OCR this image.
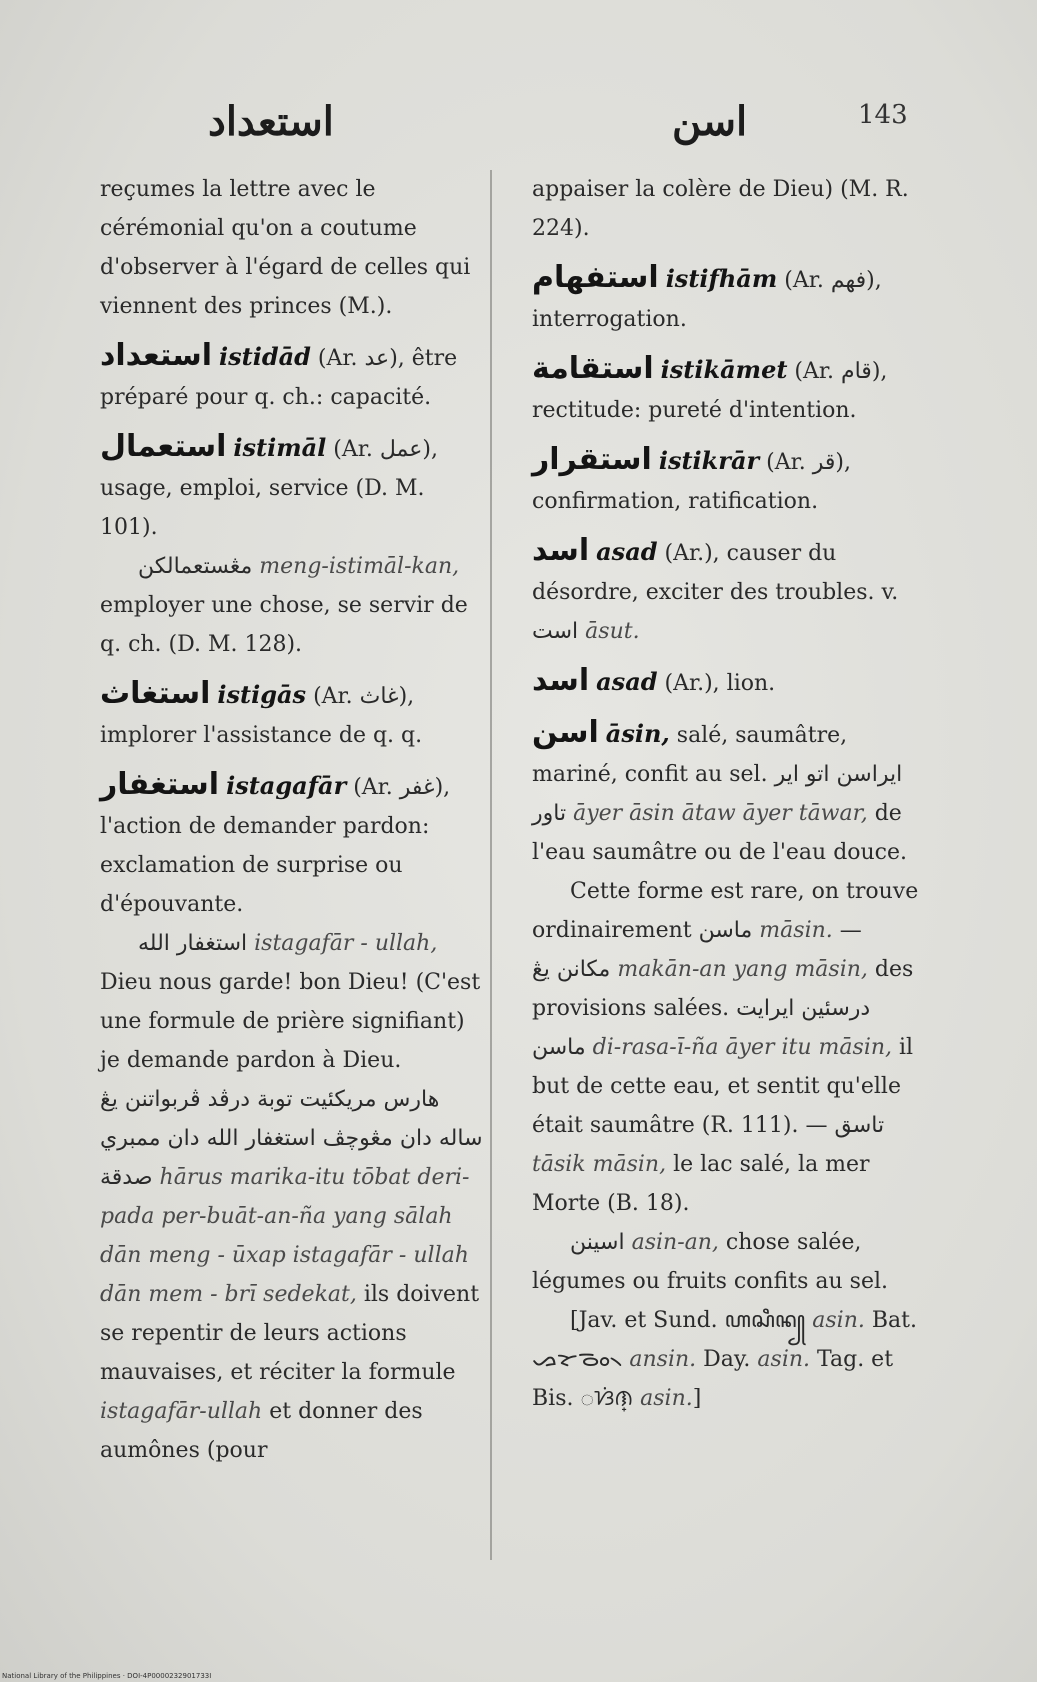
استعداد	اسن	143

reçumes la lettre avec le cérémonial qu'on a coutume d'observer à l'égard de celles qui viennent des princes (M.).

استعداد istidād (Ar. عد), être préparé pour q. ch.: capacité.

استعمال istimāl (Ar. عمل), usage, emploi, service (D. M. 101).

مڠستعمالكن meng-istimāl-kan, employer une chose, se servir de q. ch. (D. M. 128).

استغاث istigās (Ar. غاث), implorer l'assistance de q. q.

استغفار istagafār (Ar. غفر), l'action de demander pardon: exclamation de surprise ou d'épouvante.

استغفار الله istagafār - ullah, Dieu nous garde! bon Dieu! (C'est une formule de prière signifiant) je demande pardon à Dieu.

هارس مريكئيت توبة درڤد ڤربواتنن يڠ ساله دان مڠوچڤ استغفار الله دان ممبري صدقة hārus marika-itu tōbat deri-pada per-buāt-an-ña yang sālah dān meng - ūxap istagafār - ullah dān mem - brī sedekat, ils doivent se repentir de leurs actions mauvaises, et réciter la formule istagafār-ullah et donner des aumônes (pour

appaiser la colère de Dieu) (M. R. 224).

استفهام istifhām (Ar. فهم), interrogation.

استقامة istikāmet (Ar. قام), rectitude: pureté d'intention.

استقرار istikrār (Ar. قر), confirmation, ratification.

اسد asad (Ar.), causer du désordre, exciter des troubles. v. است āsut.

اسد asad (Ar.), lion.

اسن āsin, salé, saumâtre, mariné, confit au sel. ايراسن اتو اير تاور āyer āsin ātaw āyer tāwar, de l'eau saumâtre ou de l'eau douce.

Cette forme est rare, on trouve ordinairement ماسن māsin. — مكانن يڠ makān-an yang māsin, des provisions salées. درسئين ايرايت ماسن di-rasa-ī-ña āyer itu māsin, il but de cette eau, et sentit qu'elle était saumâtre (R. 111). — تاسق tāsik māsin, le lac salé, la mer Morte (B. 18).

اسينن asin-an, chose salée, légumes ou fruits confits au sel.

[Jav. et Sund. ꦲꦱꦶꦤ꧀ asin. Bat. ᯀᯘᯪᯉ᯲ ansin. Day. asin. Tag. et Bis. ᜀᜐᜒᜈ᜔ asin.]

National Library of the Philippines · DOI-4P0000232901733I
